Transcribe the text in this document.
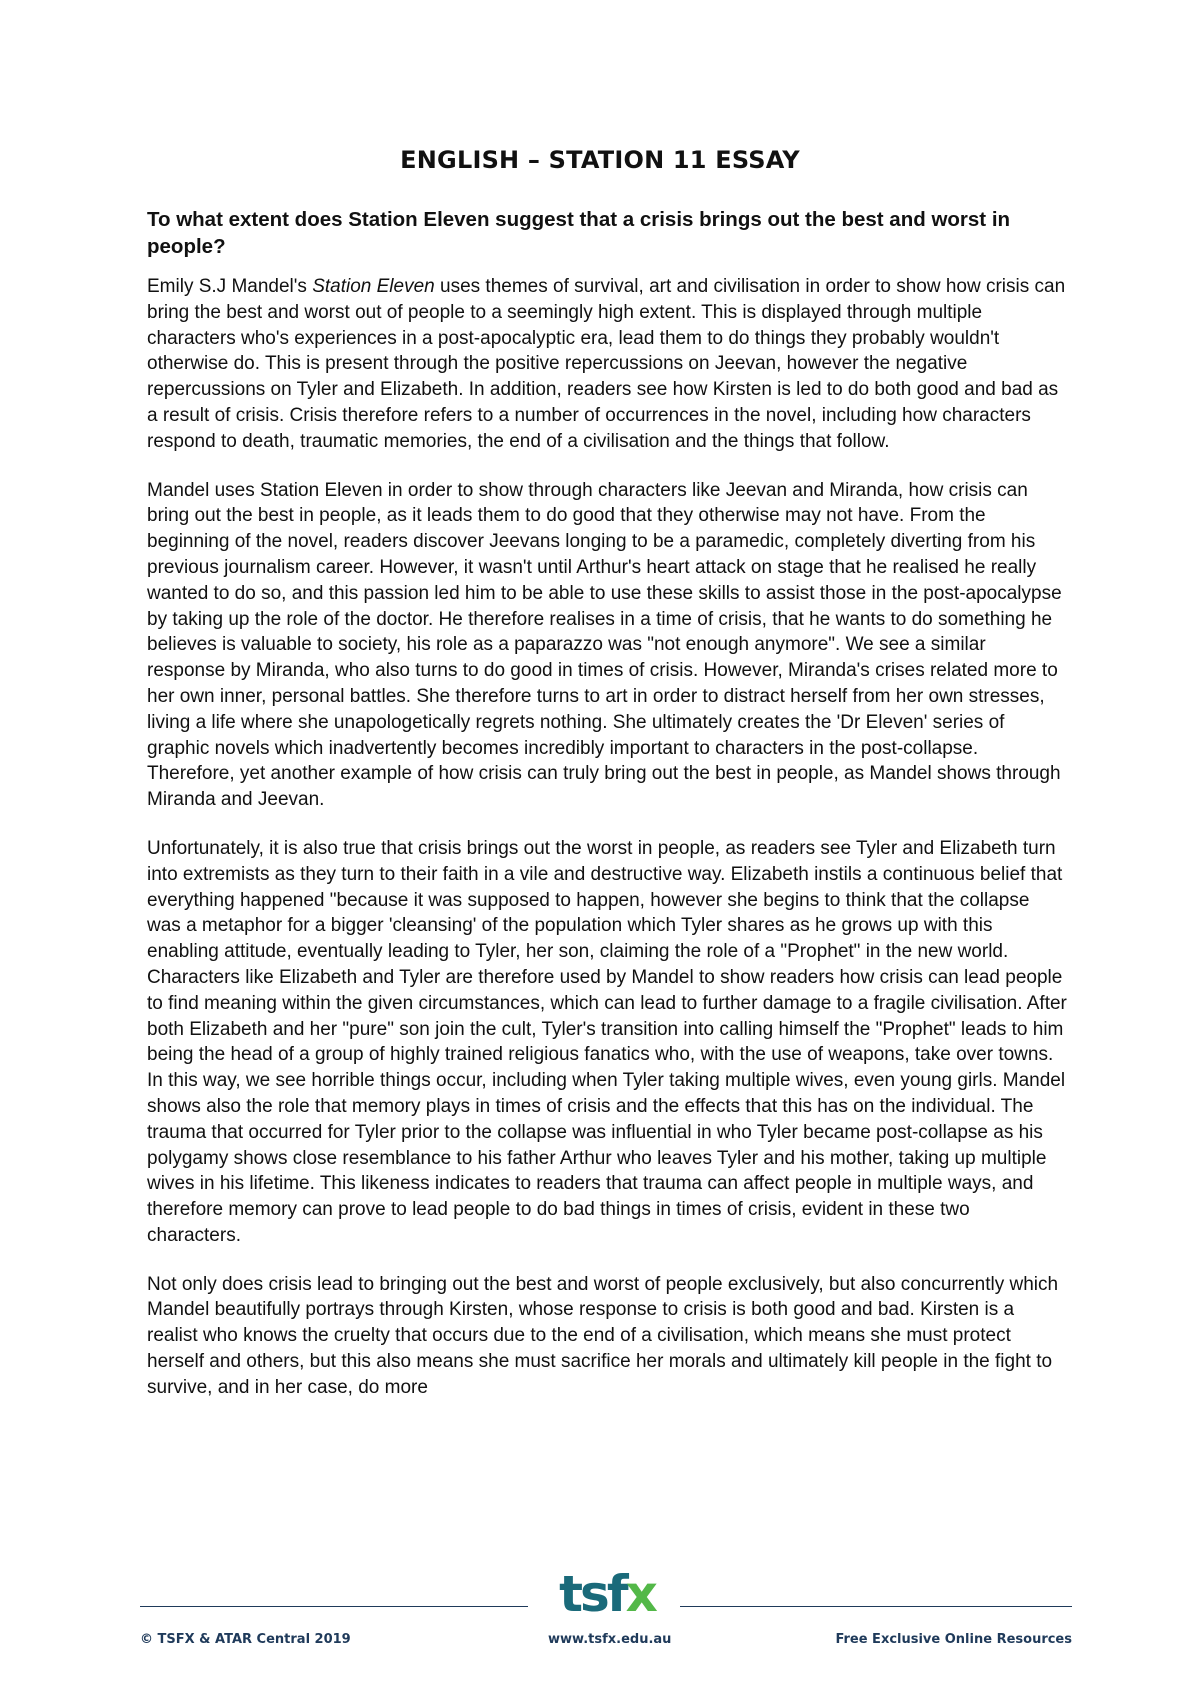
ENGLISH – STATION 11 ESSAY
To what extent does Station Eleven suggest that a crisis brings out the best and worst in people?

Emily S.J Mandel's Station Eleven uses themes of survival, art and civilisation in order to show how crisis can bring the best and worst out of people to a seemingly high extent. This is displayed through multiple characters who's experiences in a post-apocalyptic era, lead them to do things they probably wouldn't otherwise do. This is present through the positive repercussions on Jeevan, however the negative repercussions on Tyler and Elizabeth. In addition, readers see how Kirsten is led to do both good and bad as a result of crisis. Crisis therefore refers to a number of occurrences in the novel, including how characters respond to death, traumatic memories, the end of a civilisation and the things that follow.

Mandel uses Station Eleven in order to show through characters like Jeevan and Miranda, how crisis can bring out the best in people, as it leads them to do good that they otherwise may not have. From the beginning of the novel, readers discover Jeevans longing to be a paramedic, completely diverting from his previous journalism career. However, it wasn't until Arthur's heart attack on stage that he realised he really wanted to do so, and this passion led him to be able to use these skills to assist those in the post-apocalypse by taking up the role of the doctor. He therefore realises in a time of crisis, that he wants to do something he believes is valuable to society, his role as a paparazzo was "not enough anymore". We see a similar response by Miranda, who also turns to do good in times of crisis. However, Miranda's crises related more to her own inner, personal battles. She therefore turns to art in order to distract herself from her own stresses, living a life where she unapologetically regrets nothing. She ultimately creates the 'Dr Eleven' series of graphic novels which inadvertently becomes incredibly important to characters in the post-collapse. Therefore, yet another example of how crisis can truly bring out the best in people, as Mandel shows through Miranda and Jeevan.

Unfortunately, it is also true that crisis brings out the worst in people, as readers see Tyler and Elizabeth turn into extremists as they turn to their faith in a vile and destructive way. Elizabeth instils a continuous belief that everything happened "because it was supposed to happen, however she begins to think that the collapse was a metaphor for a bigger 'cleansing' of the population which Tyler shares as he grows up with this enabling attitude, eventually leading to Tyler, her son, claiming the role of a "Prophet" in the new world. Characters like Elizabeth and Tyler are therefore used by Mandel to show readers how crisis can lead people to find meaning within the given circumstances, which can lead to further damage to a fragile civilisation. After both Elizabeth and her "pure" son join the cult, Tyler's transition into calling himself the "Prophet" leads to him being the head of a group of highly trained religious fanatics who, with the use of weapons, take over towns. In this way, we see horrible things occur, including when Tyler taking multiple wives, even young girls. Mandel shows also the role that memory plays in times of crisis and the effects that this has on the individual. The trauma that occurred for Tyler prior to the collapse was influential in who Tyler became post-collapse as his polygamy shows close resemblance to his father Arthur who leaves Tyler and his mother, taking up multiple wives in his lifetime. This likeness indicates to readers that trauma can affect people in multiple ways, and therefore memory can prove to lead people to do bad things in times of crisis, evident in these two characters.

Not only does crisis lead to bringing out the best and worst of people exclusively, but also concurrently which Mandel beautifully portrays through Kirsten, whose response to crisis is both good and bad. Kirsten is a realist who knows the cruelty that occurs due to the end of a civilisation, which means she must protect herself and others, but this also means she must sacrifice her morals and ultimately kill people in the fight to survive, and in her case, do more

tsfx
© TSFX & ATAR Central 2019	www.tsfx.edu.au	Free Exclusive Online Resources
